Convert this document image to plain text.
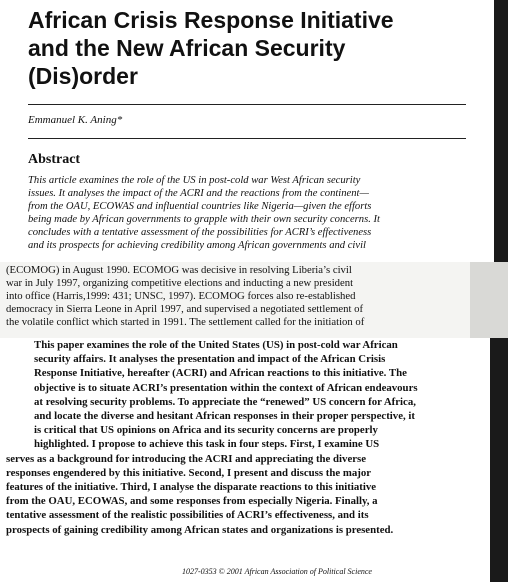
African Crisis Response Initiative
and the New African Security
(Dis)order
Emmanuel K. Aning*
Abstract
This article examines the role of the US in post-cold war West African security
issues. It analyses the impact of the ACRI and the reactions from the continent—
from the OAU, ECOWAS and influential countries like Nigeria—given the efforts
being made by African governments to grapple with their own security concerns. It
concludes with a tentative assessment of the possibilities for ACRI’s effectiveness
and its prospects for achieving credibility among African governments and civil
(ECOMOG) in August 1990. ECOMOG was decisive in resolving Liberia’s civil
war in July 1997, organizing competitive elections and inducting a new president
into office (Harris,1999: 431; UNSC, 1997). ECOMOG forces also re-established
democracy in Sierra Leone in April 1997, and supervised a negotiated settlement of
the volatile conflict which started in 1991. The settlement called for the initiation of
This paper examines the role of the United States (US) in post-cold war African
security affairs. It analyses the presentation and impact of the African Crisis
Response Initiative, hereafter (ACRI) and African reactions to this initiative. The
objective is to situate ACRI’s presentation within the context of African endeavours
at resolving security problems. To appreciate the “renewed” US concern for Africa,
and locate the diverse and hesitant African responses in their proper perspective, it
is critical that US opinions on Africa and its security concerns are properly
highlighted. I propose to achieve this task in four steps. First, I examine US
serves as a background for introducing the ACRI and appreciating the diverse
responses engendered by this initiative. Second, I present and discuss the major
features of the initiative. Third, I analyse the disparate reactions to this initiative
from the OAU, ECOWAS, and some responses from especially Nigeria. Finally, a
tentative assessment of the realistic possibilities of ACRI’s effectiveness, and its
prospects of gaining credibility among African states and organizations is presented.
1027-0353 © 2001 African Association of Political Science
